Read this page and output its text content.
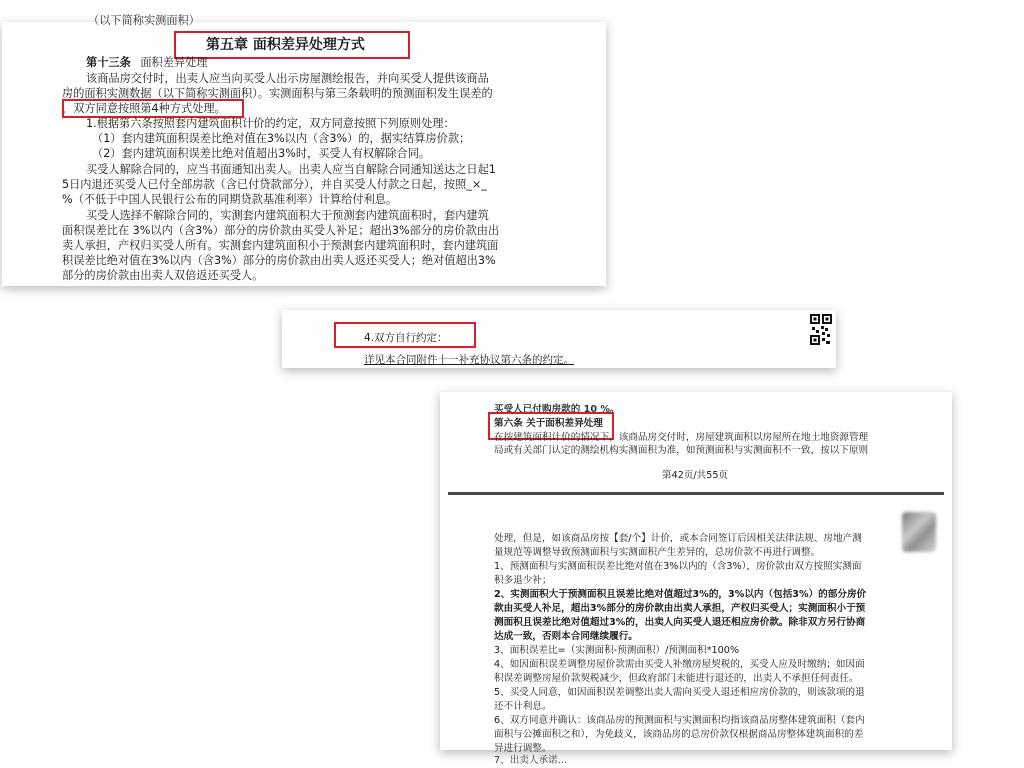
（以下简称实测面积）
第五章 面积差异处理方式
第十三条 面积差异处理
该商品房交付时，出卖人应当向买受人出示房屋测绘报告，并向买受人提供该商品
房的面积实测数据（以下简称实测面积）。实测面积与第三条载明的预测面积发生误差的
，双方同意按照第4种方式处理。
1.根据第六条按照套内建筑面积计价的约定，双方同意按照下列原则处理：
（1）套内建筑面积误差比绝对值在3%以内（含3%）的，据实结算房价款；
（2）套内建筑面积误差比绝对值超出3%时，买受人有权解除合同。
买受人解除合同的，应当书面通知出卖人。出卖人应当自解除合同通知送达之日起1
5日内退还买受人已付全部房款（含已付贷款部分），并自买受人付款之日起，按照_×_
%（不低于中国人民银行公布的同期贷款基准利率）计算给付利息。
买受人选择不解除合同的，实测套内建筑面积大于预测套内建筑面积时，套内建筑
面积误差比在 3%以内（含3%）部分的房价款由买受人补足；超出3%部分的房价款由出
卖人承担，产权归买受人所有。实测套内建筑面积小于预测套内建筑面积时，套内建筑面
积误差比绝对值在3%以内（含3%）部分的房价款由出卖人返还买受人；绝对值超出3%
部分的房价款由出卖人双倍返还买受人。
4.双方自行约定：
详见本合同附件十一补充协议第六条的约定。
买受人已付购房款的 10 %。
第六条 关于面积差异处理
在按建筑面积计价的情况下，该商品房交付时，房屋建筑面积以房屋所在地土地资源管理
局或有关部门认定的测绘机构实测面积为准，如预测面积与实测面积不一致，按以下原则
第42页/共55页
处理，但是，如该商品房按【套/个】计价，或本合同签订后因相关法律法规、房地产测
量规范等调整导致预测面积与实测面积产生差异的，总房价款不再进行调整。
1、预测面积与实测面积误差比绝对值在3%以内的（含3%），房价款由双方按照实测面
积多退少补；
2、实测面积大于预测面积且误差比绝对值超过3%的，3%以内（包括3%）的部分房价
款由买受人补足，超出3%部分的房价款由出卖人承担，产权归买受人；实测面积小于预
测面积且误差比绝对值超过3%的，出卖人向买受人退还相应房价款。除非双方另行协商
达成一致，否则本合同继续履行。
3、面积误差比=（实测面积-预测面积）/预测面积*100%
4、如因面积误差调整房屋价款需由买受人补缴房屋契税的，买受人应及时缴纳；如因面
积误差调整房屋价款契税减少，但政府部门未能进行退还的，出卖人不承担任何责任。
5、买受人同意，如因面积误差调整出卖人需向买受人退还相应房价款的，则该款项的退
还不计利息。
6、双方同意并确认：该商品房的预测面积与实测面积均指该商品房整体建筑面积（套内
面积与公摊面积之和），为免歧义，该商品房的总房价款仅根据商品房整体建筑面积的差
异进行调整。
7、出卖人承诺…
